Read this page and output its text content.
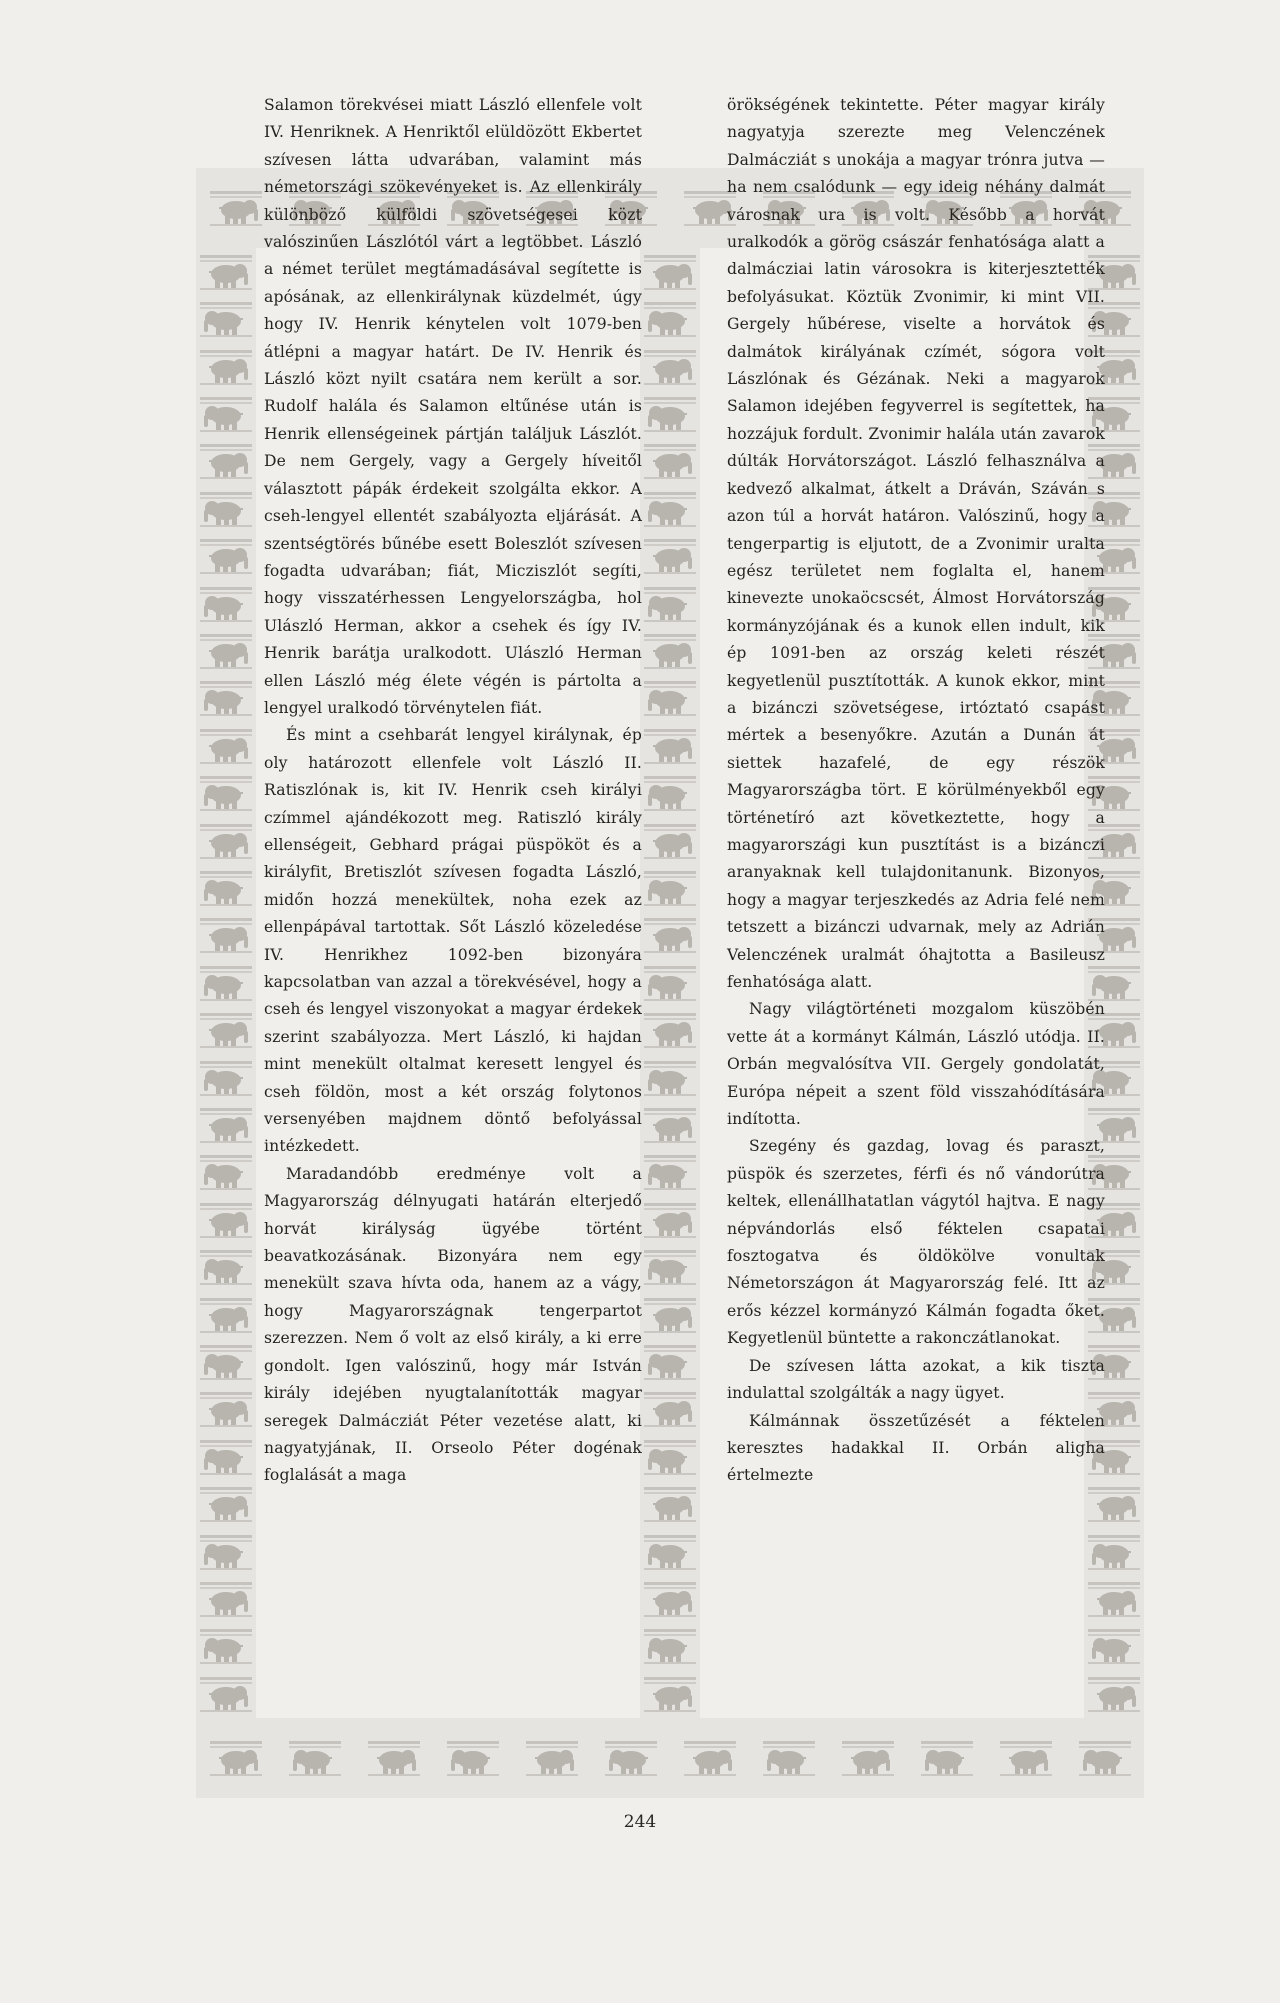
Salamon törekvései miatt László ellenfele volt IV. Henriknek. A Henriktől elüldözött Ekbertet szívesen látta udvarában, valamint más németországi szökevényeket is. Az ellenkirály különböző külföldi szövetségesei közt valószinűen Lászlótól várt a legtöbbet. László a német terület megtámadásával segítette is apósának, az ellenkirálynak küzdelmét, úgy hogy IV. Henrik kénytelen volt 1079-ben átlépni a magyar határt. De IV. Henrik és László közt nyilt csatára nem került a sor. Rudolf halála és Salamon eltűnése után is Henrik ellenségeinek pártján találjuk Lászlót. De nem Gergely, vagy a Gergely híveitől választott pápák érdekeit szolgálta ekkor. A cseh-lengyel ellentét szabályozta eljárását. A szentségtörés bűnébe esett Boleszlót szívesen fogadta udvarában; fiát, Micziszlót segíti, hogy visszatérhessen Lengyelországba, hol Ulászló Herman, akkor a csehek és így IV. Henrik barátja uralkodott. Ulászló Herman ellen László még élete végén is pártolta a lengyel uralkodó törvénytelen fiát.

És mint a csehbarát lengyel királynak, ép oly határozott ellenfele volt László II. Ratiszlónak is, kit IV. Henrik cseh királyi czímmel ajándékozott meg. Ratiszló király ellenségeit, Gebhard prágai püspököt és a királyfit, Bretiszlót szívesen fogadta László, midőn hozzá menekültek, noha ezek az ellenpápával tartottak. Sőt László közeledése IV. Henrikhez 1092-ben bizonyára kapcsolatban van azzal a törekvésével, hogy a cseh és lengyel viszonyokat a magyar érdekek szerint szabályozza. Mert László, ki hajdan mint menekült oltalmat keresett lengyel és cseh földön, most a két ország folytonos versenyében majdnem döntő befolyással intézkedett.

Maradandóbb eredménye volt a Magyarország délnyugati határán elterjedő horvát királyság ügyébe történt beavatkozásának. Bizonyára nem egy menekült szava hívta oda, hanem az a vágy, hogy Magyarországnak tengerpartot szerezzen. Nem ő volt az első király, a ki erre gondolt. Igen valószinű, hogy már István király idejében nyugtalanították magyar seregek Dalmácziát Péter vezetése alatt, ki nagyatyjának, II. Orseolo Péter dogénak foglalását a maga

örökségének tekintette. Péter magyar király nagyatyja szerezte meg Velenczének Dalmácziát s unokája a magyar trónra jutva — ha nem csalódunk — egy ideig néhány dalmát városnak ura is volt. Később a horvát uralkodók a görög császár fenhatósága alatt a dalmácziai latin városokra is kiterjesztették befolyásukat. Köztük Zvonimir, ki mint VII. Gergely hűbérese, viselte a horvátok és dalmátok királyának czímét, sógora volt Lászlónak és Gézának. Neki a magyarok Salamon idejében fegyverrel is segítettek, ha hozzájuk fordult. Zvonimir halála után zavarok dúlták Horvátországot. László felhasználva a kedvező alkalmat, átkelt a Dráván, Száván s azon túl a horvát határon. Valószinű, hogy a tengerpartig is eljutott, de a Zvonimir uralta egész területet nem foglalta el, hanem kinevezte unokaöcscsét, Álmost Horvátország kormányzójának és a kunok ellen indult, kik ép 1091-ben az ország keleti részét kegyetlenül pusztították. A kunok ekkor, mint a bizánczi szövetségese, irtóztató csapást mértek a besenyőkre. Azután a Dunán át siettek hazafelé, de egy részök Magyarországba tört. E körülményekből egy történetíró azt következtette, hogy a magyarországi kun pusztítást is a bizánczi aranyaknak kell tulajdonitanunk. Bizonyos, hogy a magyar terjeszkedés az Adria felé nem tetszett a bizánczi udvarnak, mely az Adrián Velenczének uralmát óhajtotta a Basileusz fenhatósága alatt.

Nagy világtörténeti mozgalom küszöbén vette át a kormányt Kálmán, László utódja. II. Orbán megvalósítva VII. Gergely gondolatát, Európa népeit a szent föld visszahódítására indította.

Szegény és gazdag, lovag és paraszt, püspök és szerzetes, férfi és nő vándorútra keltek, ellenállhatatlan vágytól hajtva. E nagy népvándorlás első féktelen csapatai fosztogatva és öldökölve vonultak Németországon át Magyarország felé. Itt az erős kézzel kormányzó Kálmán fogadta őket. Kegyetlenül büntette a rakonczátlanokat.

De szívesen látta azokat, a kik tiszta indulattal szolgálták a nagy ügyet.

Kálmánnak összetűzését a féktelen keresztes hadakkal II. Orbán aligha értelmezte

244
